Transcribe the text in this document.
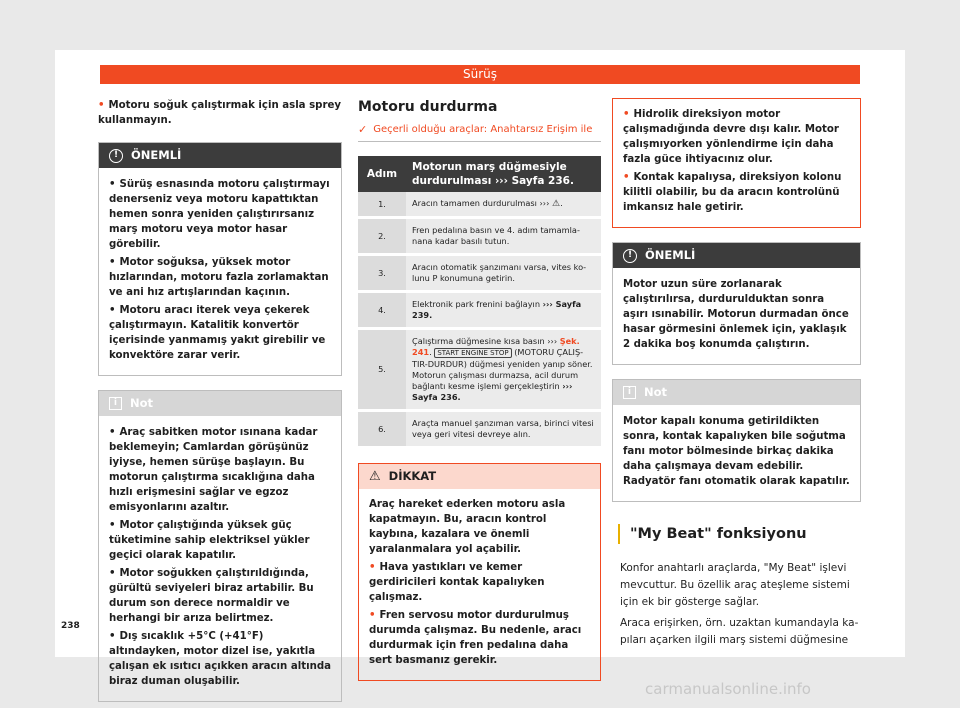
Sürüş

• Motoru soğuk çalıştırmak için asla sprey kullanmayın.

!	ÖNEMLİ

• Sürüş esnasında motoru çalıştırmayı denerseniz veya motoru kapattıktan hemen sonra yeniden çalıştırırsanız marş motoru veya motor hasar görebilir.

• Motor soğuksa, yüksek motor hızlarından, motoru fazla zorlamaktan ve ani hız artışlarından kaçının.

• Motoru aracı iterek veya çekerek çalıştırmayın. Katalitik konvertör içerisinde yanmamış yakıt girebilir ve konvektöre zarar verir.

i	Not

• Araç sabitken motor ısınana kadar beklemeyin; Camlardan görüşünüz iyiyse, hemen sürüşe başlayın. Bu motorun çalıştırma sıcaklığına daha hızlı erişmesini sağlar ve egzoz emisyonlarını azaltır.

• Motor çalıştığında yüksek güç tüketimine sahip elektriksel yükler geçici olarak kapatılır.

• Motor soğukken çalıştırıldığında, gürültü seviyeleri biraz artabilir. Bu durum son derece normaldir ve herhangi bir arıza belirtmez.

• Dış sıcaklık +5°C (+41°F) altındayken, motor dizel ise, yakıtla çalışan ek ısıtıcı açıkken aracın altında biraz duman oluşabilir.

Motoru durdurma

✓ Geçerli olduğu araçlar: Anahtarsız Erişim ile

Adım	Motorun marş düğmesiyle durdurulması ››› Sayfa 236.
1.	Aracın tamamen durdurulması ››› ⚠.
2.	Fren pedalına basın ve 4. adım tamamlanana kadar basılı tutun.
3.	Aracın otomatik şanzımanı varsa, vites kolunu P konumuna getirin.
4.	Elektronik park frenini bağlayın ››› Sayfa 239.
5.	Çalıştırma düğmesine kısa basın ››› Şek. 241. START ENGINE STOP (MOTORU ÇALIŞTIR-DURDUR) düğmesi yeniden yanıp söner. Motorun çalışması durmazsa, acil durum bağlantı kesme işlemi gerçekleştirin ››› Sayfa 236.
6.	Araçta manuel şanzıman varsa, birinci vitesi veya geri vitesi devreye alın.
⚠ DİKKAT

Araç hareket ederken motoru asla kapatmayın. Bu, aracın kontrol kaybına, kazalara ve önemli yaralanmalara yol açabilir.

• Hava yastıkları ve kemer gerdiricileri kontak kapalıyken çalışmaz.

• Fren servosu motor durdurulmuş durumda çalışmaz. Bu nedenle, aracı durdurmak için fren pedalına daha sert basmanız gerekir.

• Hidrolik direksiyon motor çalışmadığında devre dışı kalır. Motor çalışmıyorken yönlendirme için daha fazla güce ihtiyacınız olur.

• Kontak kapalıysa, direksiyon kolonu kilitli olabilir, bu da aracın kontrolünü imkansız hale getirir.

!	ÖNEMLİ

Motor uzun süre zorlanarak çalıştırılırsa, durdurulduktan sonra aşırı ısınabilir. Motorun durmadan önce hasar görmesini önlemek için, yaklaşık 2 dakika boş konumda çalıştırın.

i	Not

Motor kapalı konuma getirildikten sonra, kontak kapalıyken bile soğutma fanı motor bölmesinde birkaç dakika daha çalışmaya devam edebilir. Radyatör fanı otomatik olarak kapatılır.

"My Beat" fonksiyonu

Konfor anahtarlı araçlarda, "My Beat" işlevi mevcuttur. Bu özellik araç ateşleme sistemi için ek bir gösterge sağlar.

Araca erişirken, örn. uzaktan kumandayla kapıları açarken ilgili marş sistemi düğmesine

238
carmanualsonline.info
